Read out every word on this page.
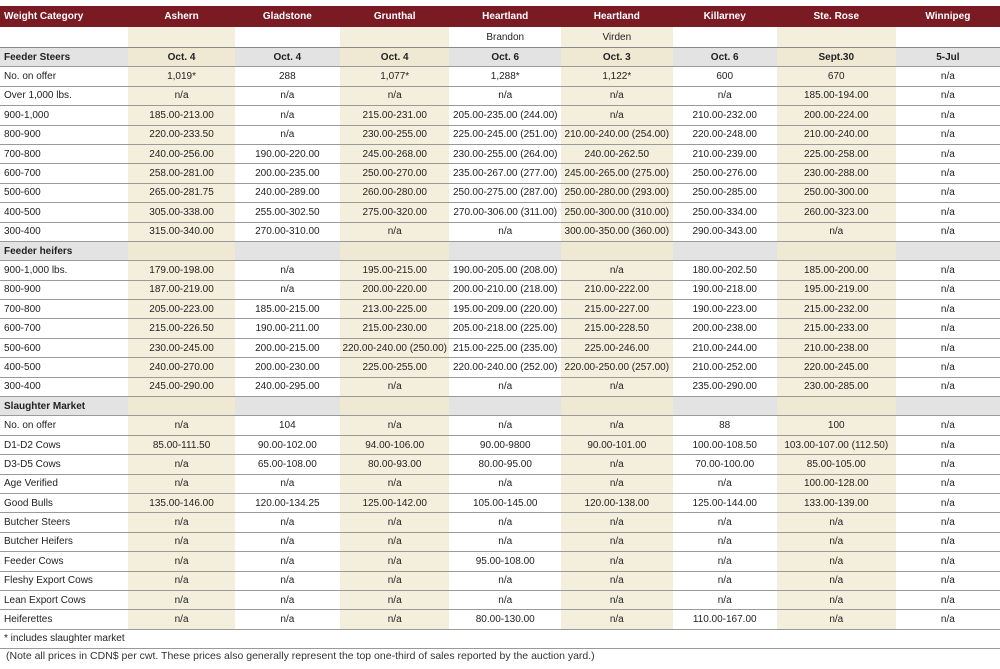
Weight Category	Ashern	Gladstone	Grunthal	Heartland	Heartland	Killarney	Ste. Rose	Winnipeg
				Brandon	Virden			
Feeder Steers	Oct. 4	Oct. 4	Oct. 4	Oct. 6	Oct. 3	Oct. 6	Sept.30	5-Jul
No. on offer	1,019*	288	1,077*	1,288*	1,122*	600	670	n/a
Over 1,000 lbs.	n/a	n/a	n/a	n/a	n/a	n/a	185.00-194.00	n/a
900-1,000	185.00-213.00	n/a	215.00-231.00	205.00-235.00 (244.00)	n/a	210.00-232.00	200.00-224.00	n/a
800-900	220.00-233.50	n/a	230.00-255.00	225.00-245.00 (251.00)	210.00-240.00 (254.00)	220.00-248.00	210.00-240.00	n/a
700-800	240.00-256.00	190.00-220.00	245.00-268.00	230.00-255.00 (264.00)	240.00-262.50	210.00-239.00	225.00-258.00	n/a
600-700	258.00-281.00	200.00-235.00	250.00-270.00	235.00-267.00 (277.00)	245.00-265.00 (275.00)	250.00-276.00	230.00-288.00	n/a
500-600	265.00-281.75	240.00-289.00	260.00-280.00	250.00-275.00 (287.00)	250.00-280.00 (293.00)	250.00-285.00	250.00-300.00	n/a
400-500	305.00-338.00	255.00-302.50	275.00-320.00	270.00-306.00 (311.00)	250.00-300.00 (310.00)	250.00-334.00	260.00-323.00	n/a
300-400	315.00-340.00	270.00-310.00	n/a	n/a	300.00-350.00 (360.00)	290.00-343.00	n/a	n/a
Feeder heifers								
900-1,000 lbs.	179.00-198.00	n/a	195.00-215.00	190.00-205.00 (208.00)	n/a	180.00-202.50	185.00-200.00	n/a
800-900	187.00-219.00	n/a	200.00-220.00	200.00-210.00 (218.00)	210.00-222.00	190.00-218.00	195.00-219.00	n/a
700-800	205.00-223.00	185.00-215.00	213.00-225.00	195.00-209.00 (220.00)	215.00-227.00	190.00-223.00	215.00-232.00	n/a
600-700	215.00-226.50	190.00-211.00	215.00-230.00	205.00-218.00 (225.00)	215.00-228.50	200.00-238.00	215.00-233.00	n/a
500-600	230.00-245.00	200.00-215.00	220.00-240.00 (250.00)	215.00-225.00 (235.00)	225.00-246.00	210.00-244.00	210.00-238.00	n/a
400-500	240.00-270.00	200.00-230.00	225.00-255.00	220.00-240.00 (252.00)	220.00-250.00 (257.00)	210.00-252.00	220.00-245.00	n/a
300-400	245.00-290.00	240.00-295.00	n/a	n/a	n/a	235.00-290.00	230.00-285.00	n/a
Slaughter Market								
No. on offer	n/a	104	n/a	n/a	n/a	88	100	n/a
D1-D2 Cows	85.00-111.50	90.00-102.00	94.00-106.00	90.00-9800	90.00-101.00	100.00-108.50	103.00-107.00 (112.50)	n/a
D3-D5 Cows	n/a	65.00-108.00	80.00-93.00	80.00-95.00	n/a	70.00-100.00	85.00-105.00	n/a
Age Verified	n/a	n/a	n/a	n/a	n/a	n/a	100.00-128.00	n/a
Good Bulls	135.00-146.00	120.00-134.25	125.00-142.00	105.00-145.00	120.00-138.00	125.00-144.00	133.00-139.00	n/a
Butcher Steers	n/a	n/a	n/a	n/a	n/a	n/a	n/a	n/a
Butcher Heifers	n/a	n/a	n/a	n/a	n/a	n/a	n/a	n/a
Feeder Cows	n/a	n/a	n/a	95.00-108.00	n/a	n/a	n/a	n/a
Fleshy Export Cows	n/a	n/a	n/a	n/a	n/a	n/a	n/a	n/a
Lean Export Cows	n/a	n/a	n/a	n/a	n/a	n/a	n/a	n/a
Heiferettes	n/a	n/a	n/a	80.00-130.00	n/a	110.00-167.00	n/a	n/a
* includes slaughter market								
(Note all prices in CDN$ per cwt. These prices also generally represent the top one-third of sales reported by the auction yard.)
